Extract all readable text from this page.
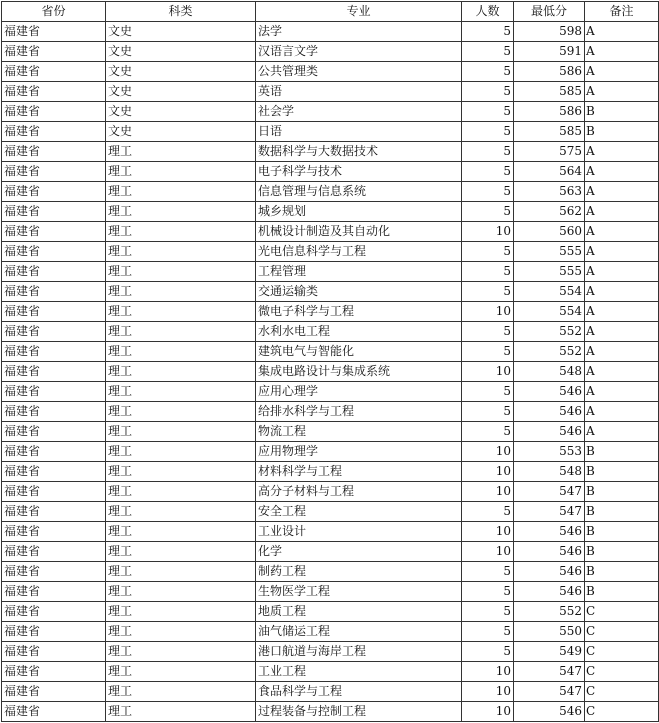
省份	科类	专业	人数	最低分	备注
福建省	文史	法学	5	598	A
福建省	文史	汉语言文学	5	591	A
福建省	文史	公共管理类	5	586	A
福建省	文史	英语	5	585	A
福建省	文史	社会学	5	586	B
福建省	文史	日语	5	585	B
福建省	理工	数据科学与大数据技术	5	575	A
福建省	理工	电子科学与技术	5	564	A
福建省	理工	信息管理与信息系统	5	563	A
福建省	理工	城乡规划	5	562	A
福建省	理工	机械设计制造及其自动化	10	560	A
福建省	理工	光电信息科学与工程	5	555	A
福建省	理工	工程管理	5	555	A
福建省	理工	交通运输类	5	554	A
福建省	理工	微电子科学与工程	10	554	A
福建省	理工	水利水电工程	5	552	A
福建省	理工	建筑电气与智能化	5	552	A
福建省	理工	集成电路设计与集成系统	10	548	A
福建省	理工	应用心理学	5	546	A
福建省	理工	给排水科学与工程	5	546	A
福建省	理工	物流工程	5	546	A
福建省	理工	应用物理学	10	553	B
福建省	理工	材料科学与工程	10	548	B
福建省	理工	高分子材料与工程	10	547	B
福建省	理工	安全工程	5	547	B
福建省	理工	工业设计	10	546	B
福建省	理工	化学	10	546	B
福建省	理工	制药工程	5	546	B
福建省	理工	生物医学工程	5	546	B
福建省	理工	地质工程	5	552	C
福建省	理工	油气储运工程	5	550	C
福建省	理工	港口航道与海岸工程	5	549	C
福建省	理工	工业工程	10	547	C
福建省	理工	食品科学与工程	10	547	C
福建省	理工	过程装备与控制工程	10	546	C
